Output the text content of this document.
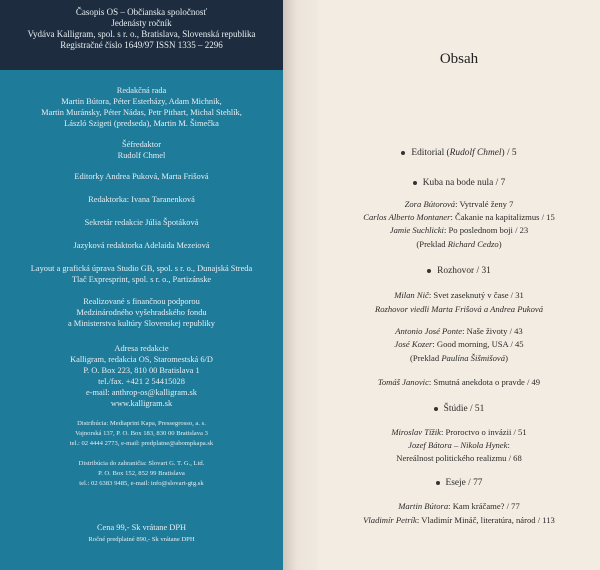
Časopis OS – Občianska spoločnosť
Jedenásty ročník
Vydáva Kalligram, spol. s r. o., Bratislava, Slovenská republika
Registračné číslo 1649/97 ISSN 1335 – 2296
Redakčná rada
Martin Bútora, Péter Esterházy, Adam Michnik,
Martin Muránsky, Péter Nádas, Petr Pithart, Michal Stehlík,
László Szigeti (predseda), Martin M. Šimečka
Šéfredaktor
Rudolf Chmel
Editorky Andrea Puková, Marta Frišová
Redaktorka: Ivana Taranenková
Sekretár redakcie Júlia Špotáková
Jazyková redaktorka Adelaida Mezeiová
Layout a grafická úprava Studio GB, spol. s r. o., Dunajská Streda
Tlač Expresprint, spol. s r. o., Partizánske
Realizované s finančnou podporou
Medzinárodného vyšehradského fondu
a Ministerstva kultúry Slovenskej republiky
Adresa redakcie
Kalligram, redakcia OS, Staromestská 6/D
P. O. Box 223, 810 00 Bratislava 1
tel./fax. +421 2 54415028
e-mail: anthrop-os@kalligram.sk
www.kalligram.sk
Distribúcia: Mediaprint Kapa, Pressegrosso, a. s.
Vajnorská 137, P. O. Box 183, 830 00 Bratislava 3
tel.: 02 4444 2773, e-mail: predplatne@abompkapa.sk
Distribúcia do zahraničia: Slovart G. T. G., Ltd.
P. O. Box 152, 852 99 Bratislava
tel.: 02 6383 9485, e-mail: info@slovart-gtg.sk
Cena 99,- Sk vrátane DPH
Ročné predplatné 890,- Sk vrátane DPH
Obsah
Editorial (Rudolf Chmel) / 5
Kuba na bode nula / 7
Zora Bútorová: Vytrvalé ženy 7
Carlos Alberto Montaner: Čakanie na kapitalizmus / 15
Jamie Suchlicki: Po poslednom boji / 23
(Preklad Richard Cedzo)
Rozhovor / 31
Milan Nič: Svet zaseknutý v čase / 31
Rozhovor viedli Marta Frišová a Andrea Puková
Antonio José Ponte: Naše životy / 43
José Kozer: Good morning, USA / 45
(Preklad Paulína Šišmišová)
Tomáš Janovic: Smutná anekdota o pravde / 49
Štúdie / 51
Miroslav Tížik: Proroctvo o invázii / 51
Jozef Bátora – Nikola Hynek:
Nereálnost politického realizmu / 68
Eseje / 77
Martin Bútora: Kam kráčame? / 77
Vladimír Petrík: Vladimír Mináč, literatúra, národ / 113
